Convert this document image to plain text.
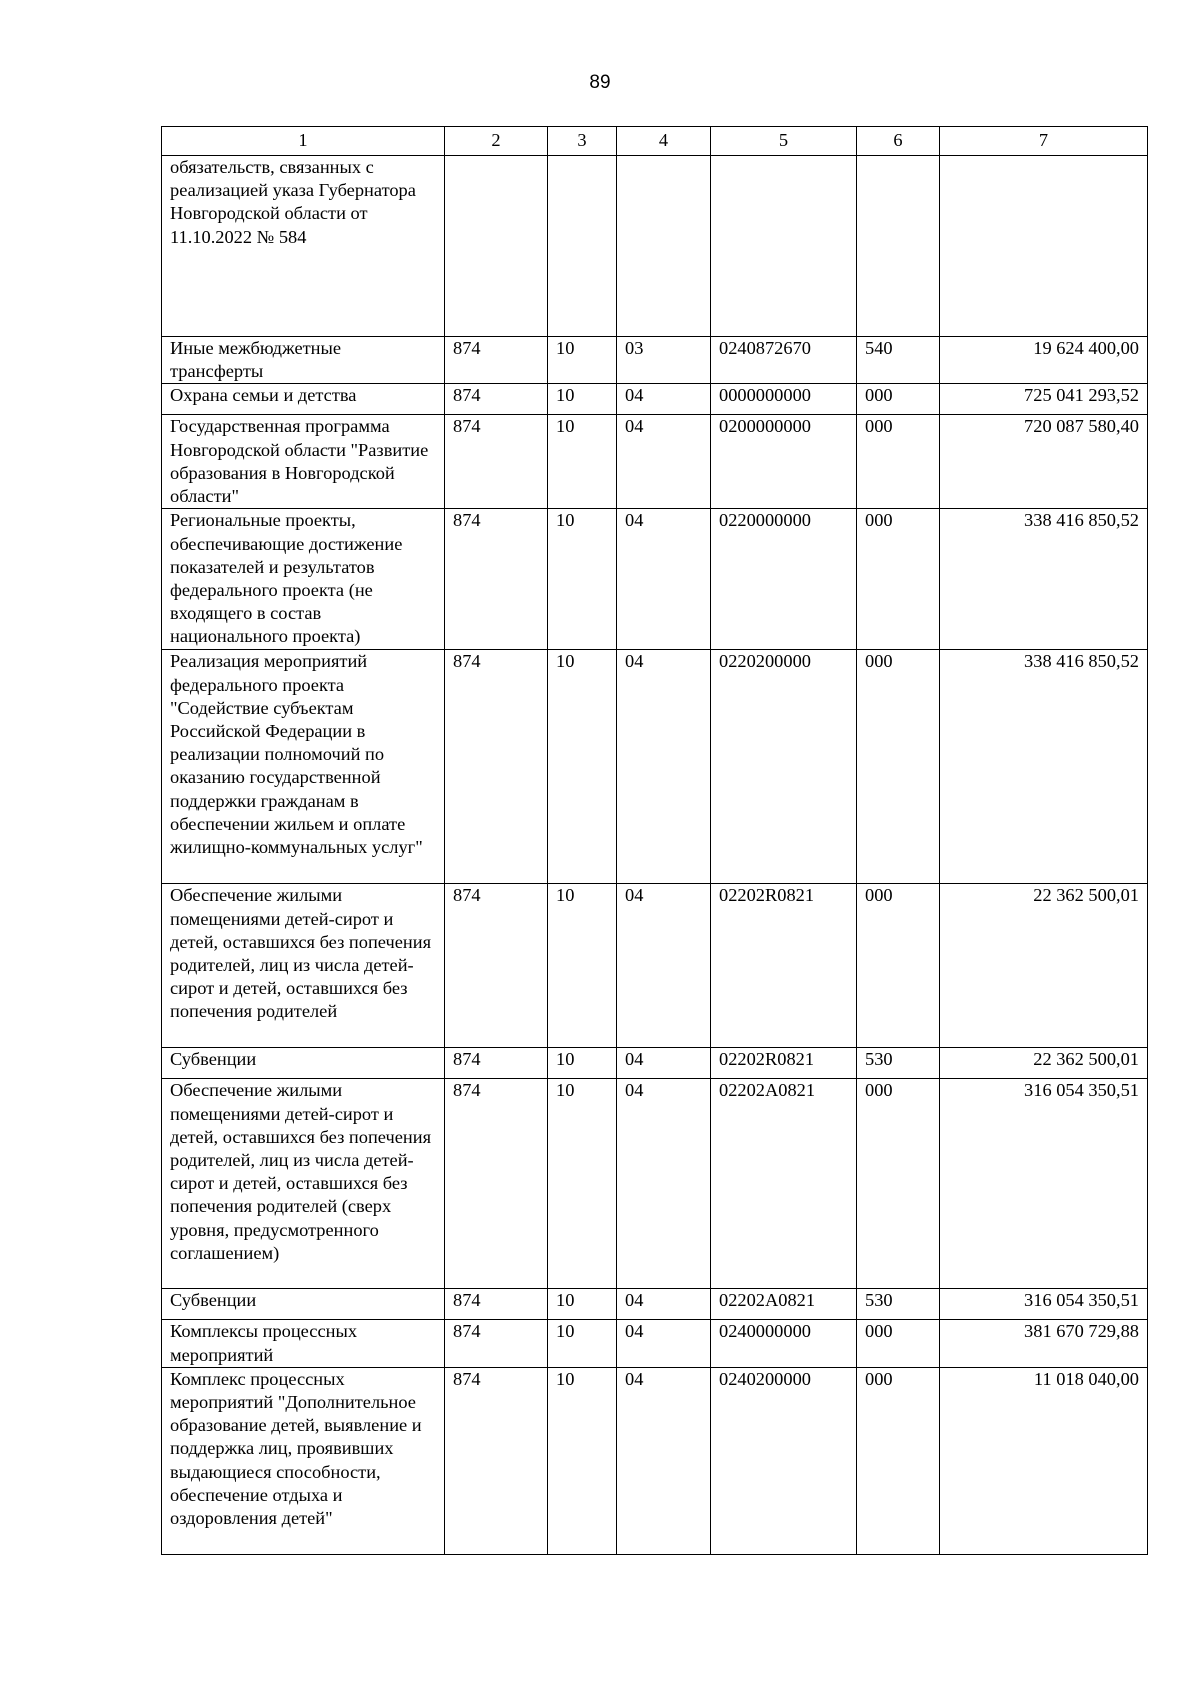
89
1	2	3	4	5	6	7
обязательств, связанных с реализацией указа Губернатора Новгородской области от 11.10.2022 № 584						
Иные межбюджетные трансферты	874	10	03	0240872670	540	19 624 400,00
Охрана семьи и детства	874	10	04	0000000000	000	725 041 293,52
Государственная программа Новгородской области "Развитие образования в Новгородской области"	874	10	04	0200000000	000	720 087 580,40
Региональные проекты, обеспечивающие достижение показателей и результатов федерального проекта (не входящего в состав национального проекта)	874	10	04	0220000000	000	338 416 850,52
Реализация мероприятий федерального проекта "Содействие субъектам Российской Федерации в реализации полномочий по оказанию государственной поддержки гражданам в обеспечении жильем и оплате жилищно-коммунальных услуг"	874	10	04	0220200000	000	338 416 850,52
Обеспечение жилыми помещениями детей-сирот и детей, оставшихся без попечения родителей, лиц из числа детей-сирот и детей, оставшихся без попечения родителей	874	10	04	02202R0821	000	22 362 500,01
Субвенции	874	10	04	02202R0821	530	22 362 500,01
Обеспечение жилыми помещениями детей-сирот и детей, оставшихся без попечения родителей, лиц из числа детей-сирот и детей, оставшихся без попечения родителей (сверх уровня, предусмотренного соглашением)	874	10	04	02202A0821	000	316 054 350,51
Субвенции	874	10	04	02202A0821	530	316 054 350,51
Комплексы процессных мероприятий	874	10	04	0240000000	000	381 670 729,88
Комплекс процессных мероприятий "Дополнительное образование детей, выявление и поддержка лиц, проявивших выдающиеся способности, обеспечение отдыха и оздоровления детей"	874	10	04	0240200000	000	11 018 040,00
